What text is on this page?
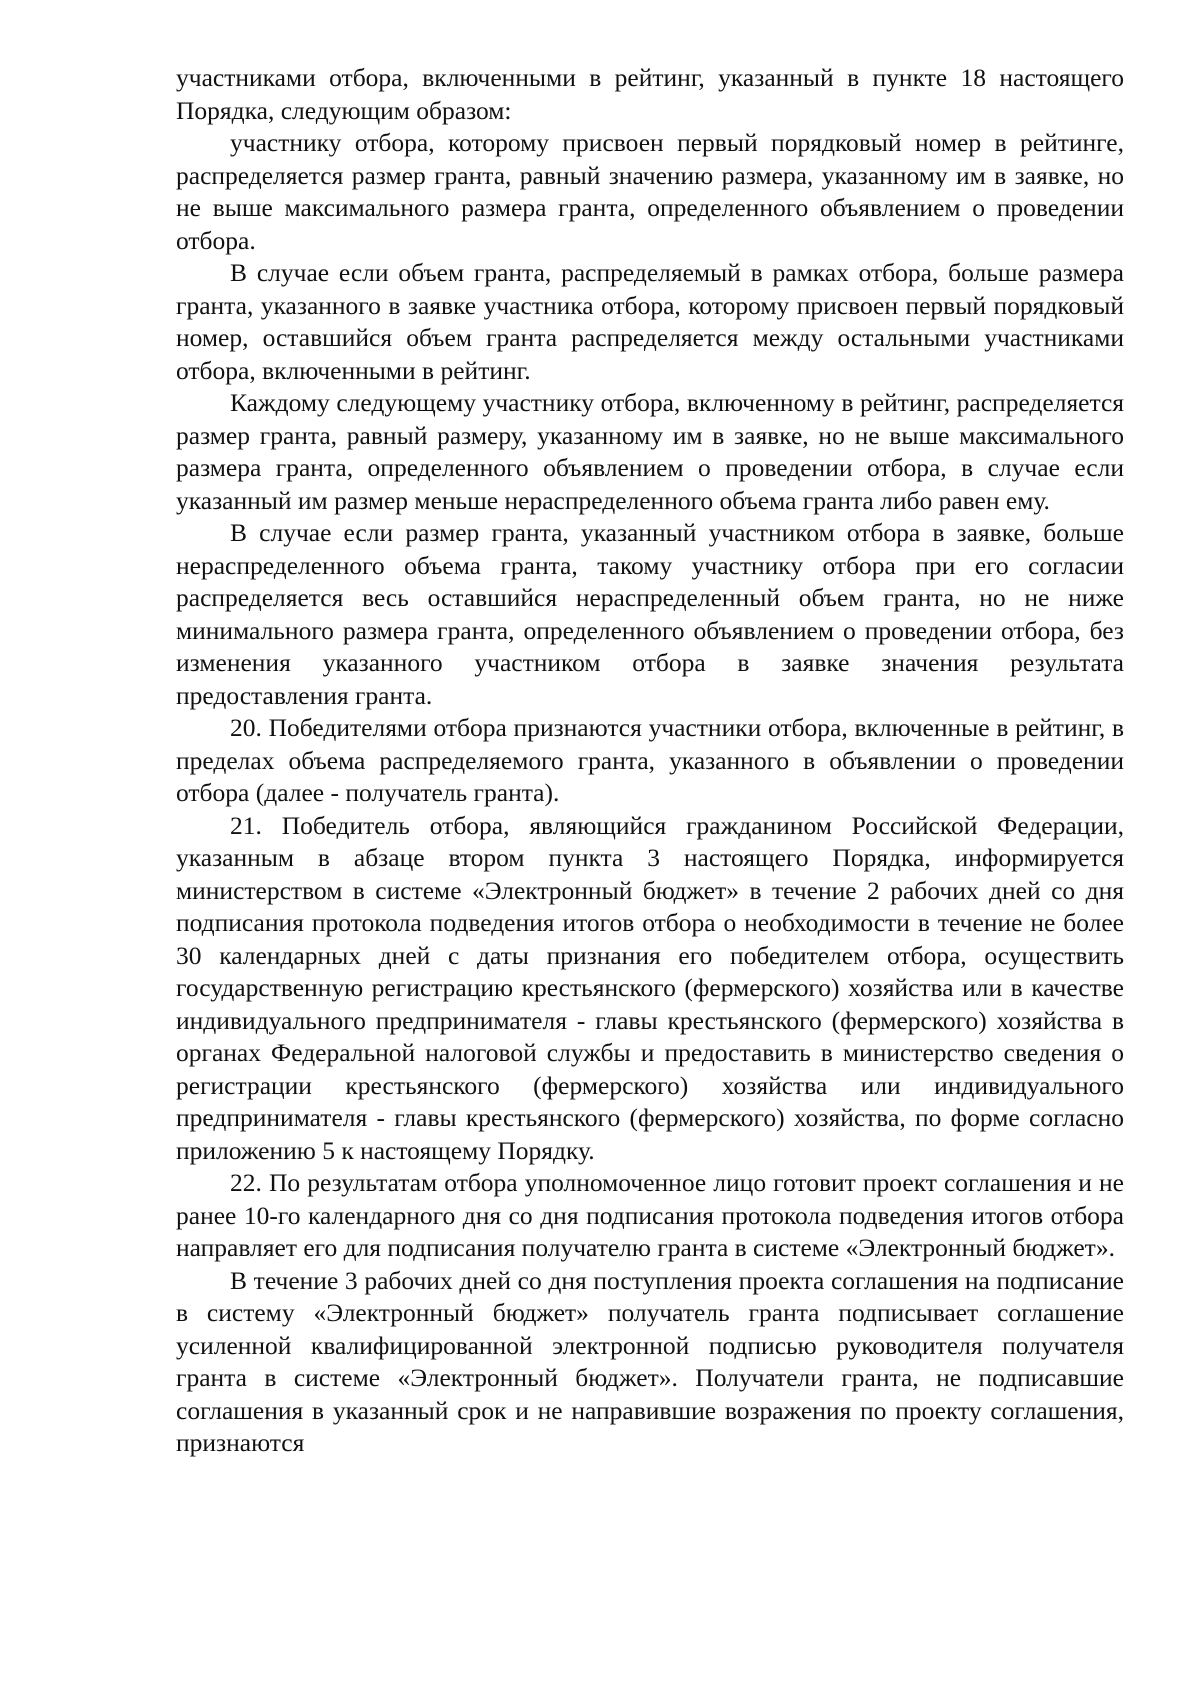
участниками отбора, включенными в рейтинг, указанный в пункте 18 настоящего Порядка, следующим образом:

участнику отбора, которому присвоен первый порядковый номер в рейтинге, распределяется размер гранта, равный значению размера, указанному им в заявке, но не выше максимального размера гранта, определенного объявлением о проведении отбора.

В случае если объем гранта, распределяемый в рамках отбора, больше размера гранта, указанного в заявке участника отбора, которому присвоен первый порядковый номер, оставшийся объем гранта распределяется между остальными участниками отбора, включенными в рейтинг.

Каждому следующему участнику отбора, включенному в рейтинг, распределяется размер гранта, равный размеру, указанному им в заявке, но не выше максимального размера гранта, определенного объявлением о проведении отбора, в случае если указанный им размер меньше нераспределенного объема гранта либо равен ему.

В случае если размер гранта, указанный участником отбора в заявке, больше нераспределенного объема гранта, такому участнику отбора при его согласии распределяется весь оставшийся нераспределенный объем гранта, но не ниже минимального размера гранта, определенного объявлением о проведении отбора, без изменения указанного участником отбора в заявке значения результата предоставления гранта.

20. Победителями отбора признаются участники отбора, включенные в рейтинг, в пределах объема распределяемого гранта, указанного в объявлении о проведении отбора (далее - получатель гранта).

21. Победитель отбора, являющийся гражданином Российской Федерации, указанным в абзаце втором пункта 3 настоящего Порядка, информируется министерством в системе «Электронный бюджет» в течение 2 рабочих дней со дня подписания протокола подведения итогов отбора о необходимости в течение не более 30 календарных дней с даты признания его победителем отбора, осуществить государственную регистрацию крестьянского (фермерского) хозяйства или в качестве индивидуального предпринимателя - главы крестьянского (фермерского) хозяйства в органах Федеральной налоговой службы и предоставить в министерство сведения о регистрации крестьянского (фермерского) хозяйства или индивидуального предпринимателя - главы крестьянского (фермерского) хозяйства, по форме согласно приложению 5 к настоящему Порядку.

22. По результатам отбора уполномоченное лицо готовит проект соглашения и не ранее 10-го календарного дня со дня подписания протокола подведения итогов отбора направляет его для подписания получателю гранта в системе «Электронный бюджет».

В течение 3 рабочих дней со дня поступления проекта соглашения на подписание в систему «Электронный бюджет» получатель гранта подписывает соглашение усиленной квалифицированной электронной подписью руководителя получателя гранта в системе «Электронный бюджет». Получатели гранта, не подписавшие соглашения в указанный срок и не направившие возражения по проекту соглашения, признаются
